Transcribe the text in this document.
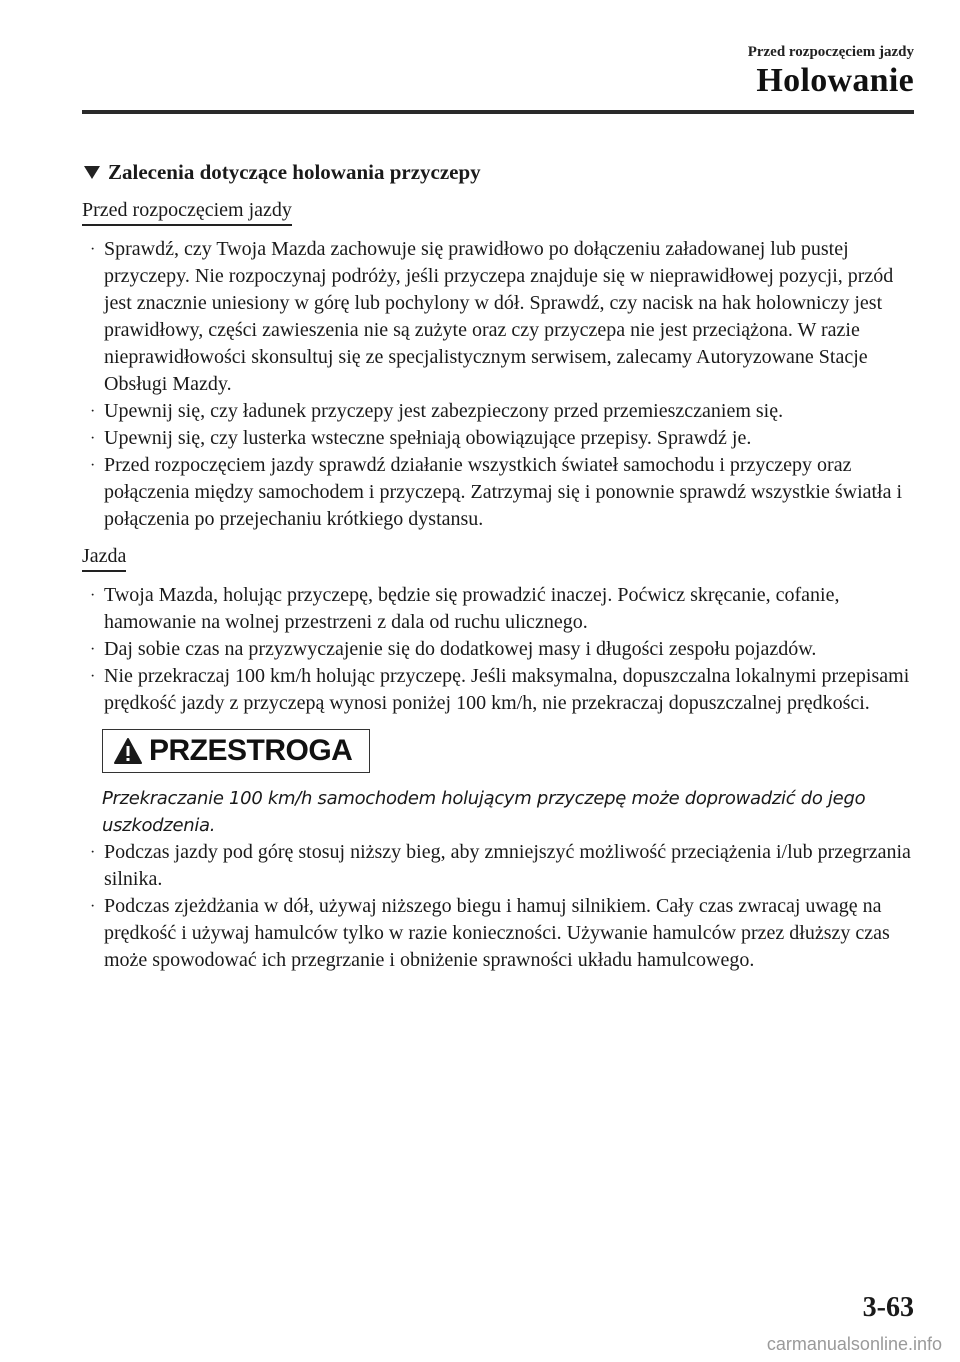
Przed rozpoczęciem jazdy
Holowanie
Zalecenia dotyczące holowania przyczepy
Przed rozpoczęciem jazdy
· Sprawdź, czy Twoja Mazda zachowuje się prawidłowo po dołączeniu załadowanej lub pustej przyczepy. Nie rozpoczynaj podróży, jeśli przyczepa znajduje się w nieprawidłowej pozycji, przód jest znacznie uniesiony w górę lub pochylony w dół. Sprawdź, czy nacisk na hak holowniczy jest prawidłowy, części zawieszenia nie są zużyte oraz czy przyczepa nie jest przeciążona. W razie nieprawidłowości skonsultuj się ze specjalistycznym serwisem, zalecamy Autoryzowane Stacje Obsługi Mazdy.
· Upewnij się, czy ładunek przyczepy jest zabezpieczony przed przemieszczaniem się.
· Upewnij się, czy lusterka wsteczne spełniają obowiązujące przepisy. Sprawdź je.
· Przed rozpoczęciem jazdy sprawdź działanie wszystkich świateł samochodu i przyczepy oraz połączenia między samochodem i przyczepą. Zatrzymaj się i ponownie sprawdź wszystkie światła i połączenia po przejechaniu krótkiego dystansu.
Jazda
· Twoja Mazda, holując przyczepę, będzie się prowadzić inaczej. Poćwicz skręcanie, cofanie, hamowanie na wolnej przestrzeni z dala od ruchu ulicznego.
· Daj sobie czas na przyzwyczajenie się do dodatkowej masy i długości zespołu pojazdów.
· Nie przekraczaj 100 km/h holując przyczepę. Jeśli maksymalna, dopuszczalna lokalnymi przepisami prędkość jazdy z przyczepą wynosi poniżej 100 km/h, nie przekraczaj dopuszczalnej prędkości.
PRZESTROGA
Przekraczanie 100 km/h samochodem holującym przyczepę może doprowadzić do jego uszkodzenia.
· Podczas jazdy pod górę stosuj niższy bieg, aby zmniejszyć możliwość przeciążenia i/lub przegrzania silnika.
· Podczas zjeżdżania w dół, używaj niższego biegu i hamuj silnikiem. Cały czas zwracaj uwagę na prędkość i używaj hamulców tylko w razie konieczności. Używanie hamulców przez dłuższy czas może spowodować ich przegrzanie i obniżenie sprawności układu hamulcowego.
3-63
carmanualsonline.info
